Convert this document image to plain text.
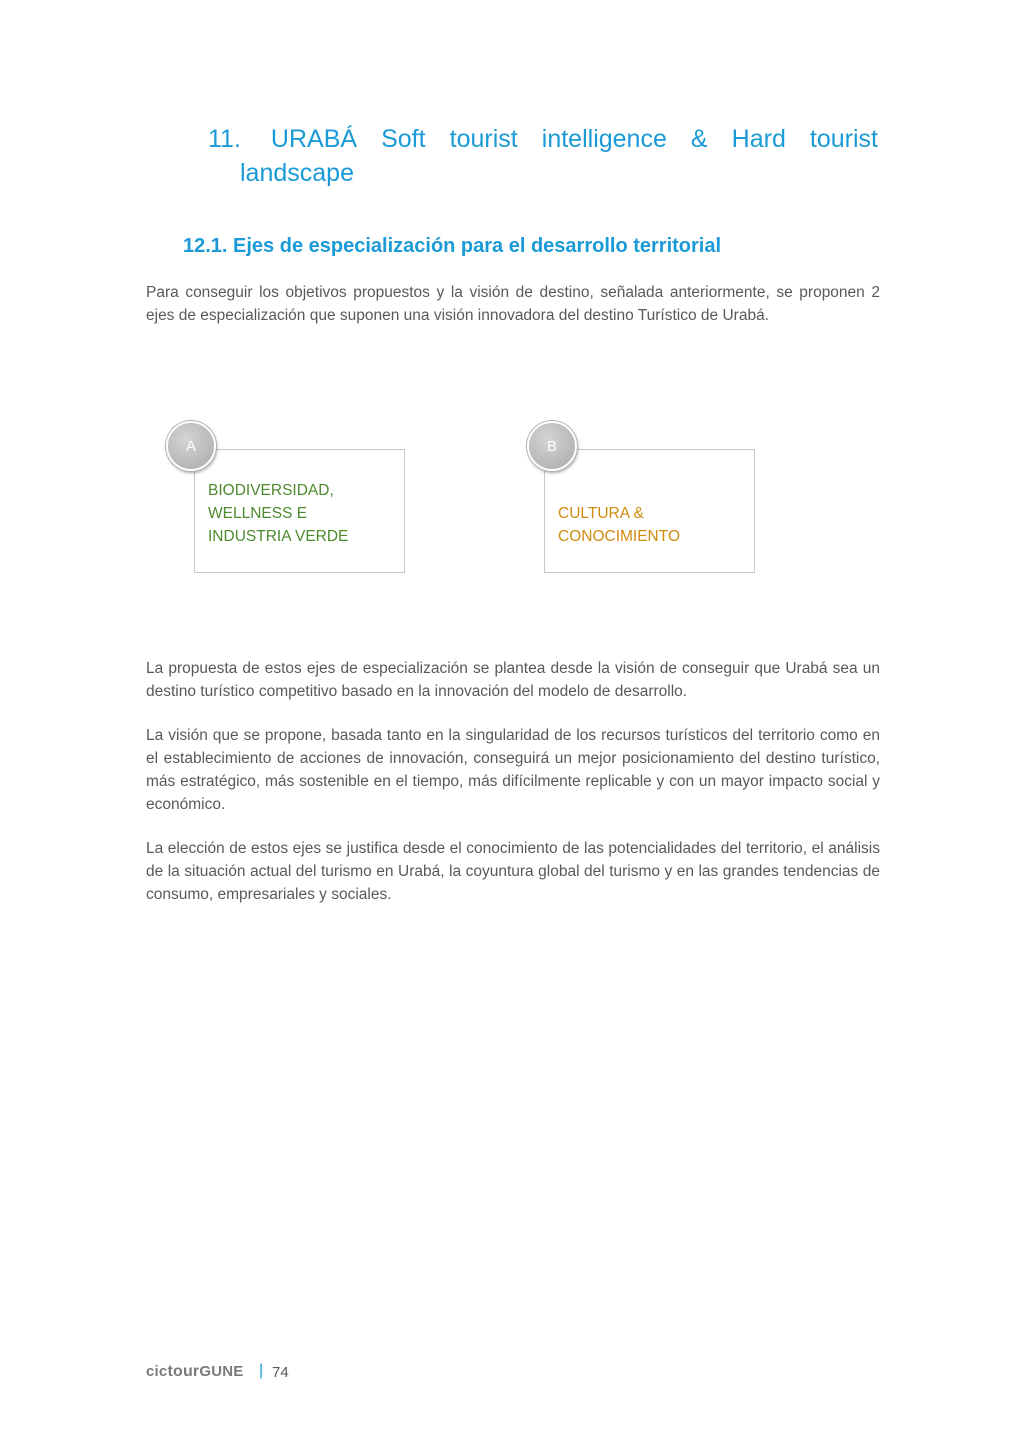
11. URABÁ Soft tourist intelligence & Hard tourist
landscape
12.1. Ejes de especialización para el desarrollo territorial
Para conseguir los objetivos propuestos y la visión de destino, señalada anteriormente, se proponen 2 ejes de especialización que suponen una visión innovadora del destino Turístico de Urabá.
BIODIVERSIDAD,
WELLNESS E
INDUSTRIA VERDE
A
CULTURA &
CONOCIMIENTO
B
La propuesta de estos ejes de especialización se plantea desde la visión de conseguir que Urabá sea un destino turístico competitivo basado en la innovación del modelo de desarrollo.
La visión que se propone, basada tanto en la singularidad de los recursos turísticos del territorio como en el establecimiento de acciones de innovación, conseguirá un mejor posicionamiento del destino turístico, más estratégico, más sostenible en el tiempo, más difícilmente replicable y con un mayor impacto social y económico.
La elección de estos ejes se justifica desde el conocimiento de las potencialidades del territorio, el análisis de la situación actual del turismo en Urabá, la coyuntura global del turismo y en las grandes tendencias de consumo, empresariales y sociales.
cictourGUNE | 74
